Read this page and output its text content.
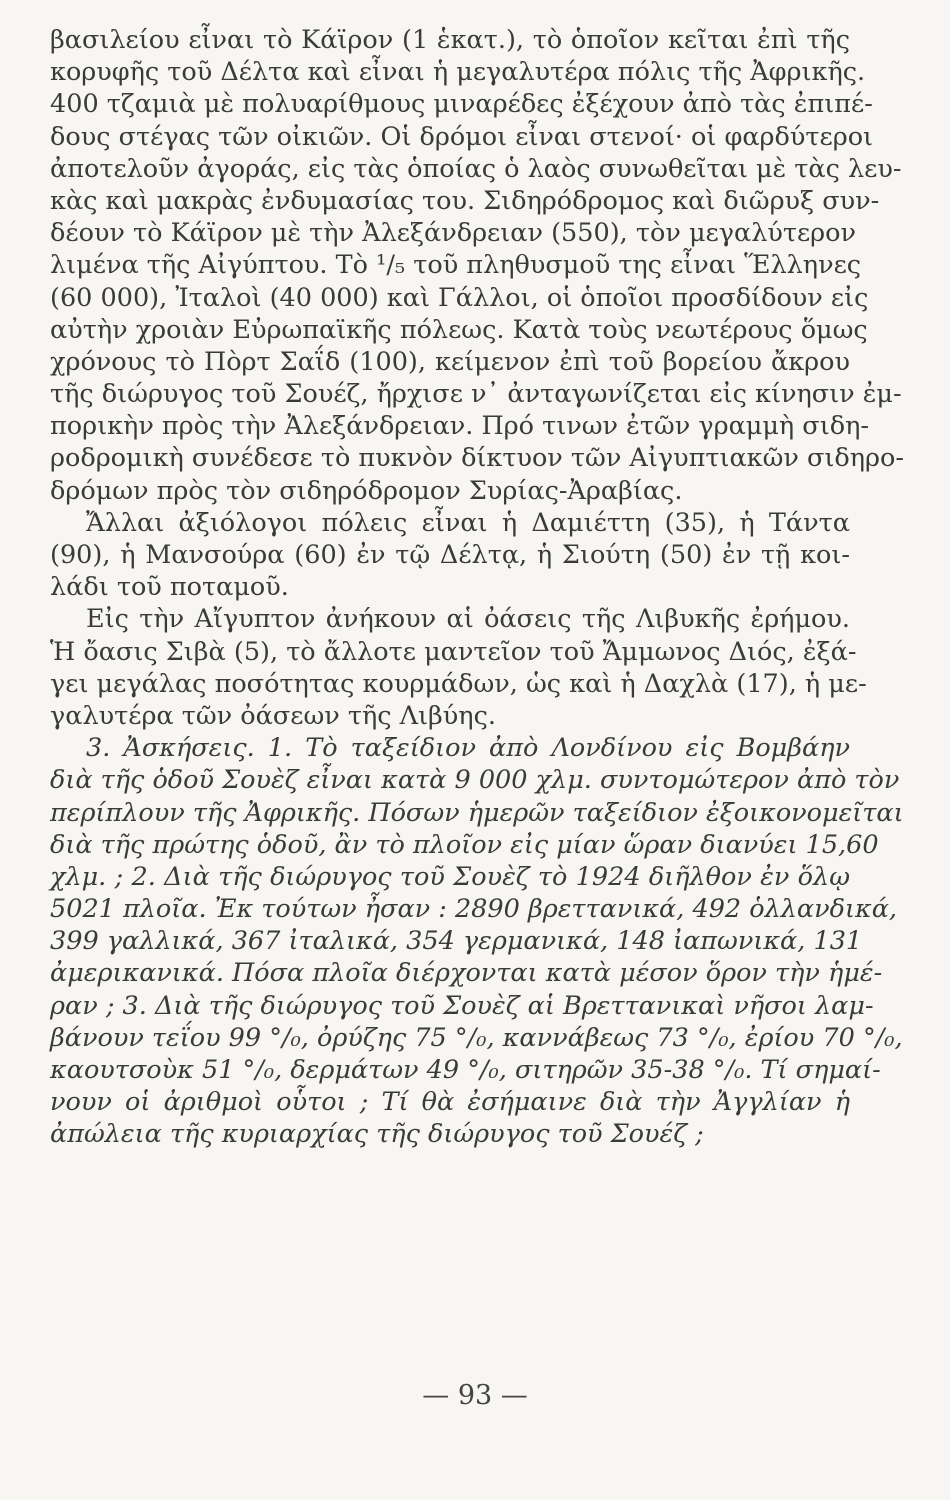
βασιλείου εἶναι τὸ Κάϊρον (1 ἑκατ.), τὸ ὁποῖον κεῖται ἐπὶ τῆς
κορυφῆς τοῦ Δέλτα καὶ εἶναι ἡ μεγαλυτέρα πόλις τῆς Ἀφρικῆς.
400 τζαμιὰ μὲ πολυαρίθμους μιναρέδες ἐξέχουν ἀπὸ τὰς ἐπιπέ-
δους στέγας τῶν οἰκιῶν. Οἱ δρόμοι εἶναι στενοί· οἱ φαρδύτεροι
ἀποτελοῦν ἀγοράς, εἰς τὰς ὁποίας ὁ λαὸς συνωθεῖται μὲ τὰς λευ-
κὰς καὶ μακρὰς ἐνδυμασίας του. Σιδηρόδρομος καὶ διῶρυξ συν-
δέουν τὸ Κάϊρον μὲ τὴν Ἀλεξάνδρειαν (550), τὸν μεγαλύτερον
λιμένα τῆς Αἰγύπτου. Τὸ ¹/₅ τοῦ πληθυσμοῦ της εἶναι Ἕλληνες
(60 000), Ἰταλοὶ (40 000) καὶ Γάλλοι, οἱ ὁποῖοι προσδίδουν εἰς
αὐτὴν χροιὰν Εὐρωπαϊκῆς πόλεως. Κατὰ τοὺς νεωτέρους ὅμως
χρόνους τὸ Πὸρτ Σαΐδ (100), κείμενον ἐπὶ τοῦ βορείου ἄκρου
τῆς διώρυγος τοῦ Σουέζ, ἤρχισε ν᾿ ἀνταγωνίζεται εἰς κίνησιν ἐμ-
πορικὴν πρὸς τὴν Ἀλεξάνδρειαν. Πρό τινων ἐτῶν γραμμὴ σιδη-
ροδρομικὴ συνέδεσε τὸ πυκνὸν δίκτυον τῶν Αἰγυπτιακῶν σιδηρο-
δρόμων πρὸς τὸν σιδηρόδρομον Συρίας-Ἀραβίας.
Ἄλλαι ἀξιόλογοι πόλεις εἶναι ἡ Δαμιέττη (35), ἡ Τάντα
(90), ἡ Μανσούρα (60) ἐν τῷ Δέλτᾳ, ἡ Σιούτη (50) ἐν τῇ κοι-
λάδι τοῦ ποταμοῦ.
Εἰς τὴν Αἴγυπτον ἀνήκουν αἱ ὀάσεις τῆς Λιβυκῆς ἐρήμου.
Ἡ ὄασις Σιβὰ (5), τὸ ἄλλοτε μαντεῖον τοῦ Ἄμμωνος Διός, ἐξά-
γει μεγάλας ποσότητας κουρμάδων, ὡς καὶ ἡ Δαχλὰ (17), ἡ με-
γαλυτέρα τῶν ὀάσεων τῆς Λιβύης.
3. Ἀσκήσεις. 1. Τὸ ταξείδιον ἀπὸ Λονδίνου εἰς Βομβάην
διὰ τῆς ὁδοῦ Σουὲζ εἶναι κατὰ 9 000 χλμ. συντομώτερον ἀπὸ τὸν
περίπλουν τῆς Ἀφρικῆς. Πόσων ἡμερῶν ταξείδιον ἐξοικονομεῖται
διὰ τῆς πρώτης ὁδοῦ, ἂν τὸ πλοῖον εἰς μίαν ὥραν διανύει 15,60
χλμ. ; 2. Διὰ τῆς διώρυγος τοῦ Σουὲζ τὸ 1924 διῆλθον ἐν ὅλῳ
5021 πλοῖα. Ἐκ τούτων ἦσαν : 2890 βρεττανικά, 492 ὁλλανδικά,
399 γαλλικά, 367 ἰταλικά, 354 γερμανικά, 148 ἰαπωνικά, 131
ἀμερικανικά. Πόσα πλοῖα διέρχονται κατὰ μέσον ὅρον τὴν ἡμέ-
ραν ; 3. Διὰ τῆς διώρυγος τοῦ Σουὲζ αἱ Βρεττανικαὶ νῆσοι λαμ-
βάνουν τεΐου 99 °/₀, ὀρύζης 75 °/₀, καννάβεως 73 °/₀, ἐρίου 70 °/₀,
καουτσοὺκ 51 °/₀, δερμάτων 49 °/₀, σιτηρῶν 35-38 °/₀. Τί σημαί-
νουν οἱ ἀριθμοὶ οὗτοι ; Τί θὰ ἐσήμαινε διὰ τὴν Ἀγγλίαν ἡ
ἀπώλεια τῆς κυριαρχίας τῆς διώρυγος τοῦ Σουέζ ;
— 93 —
